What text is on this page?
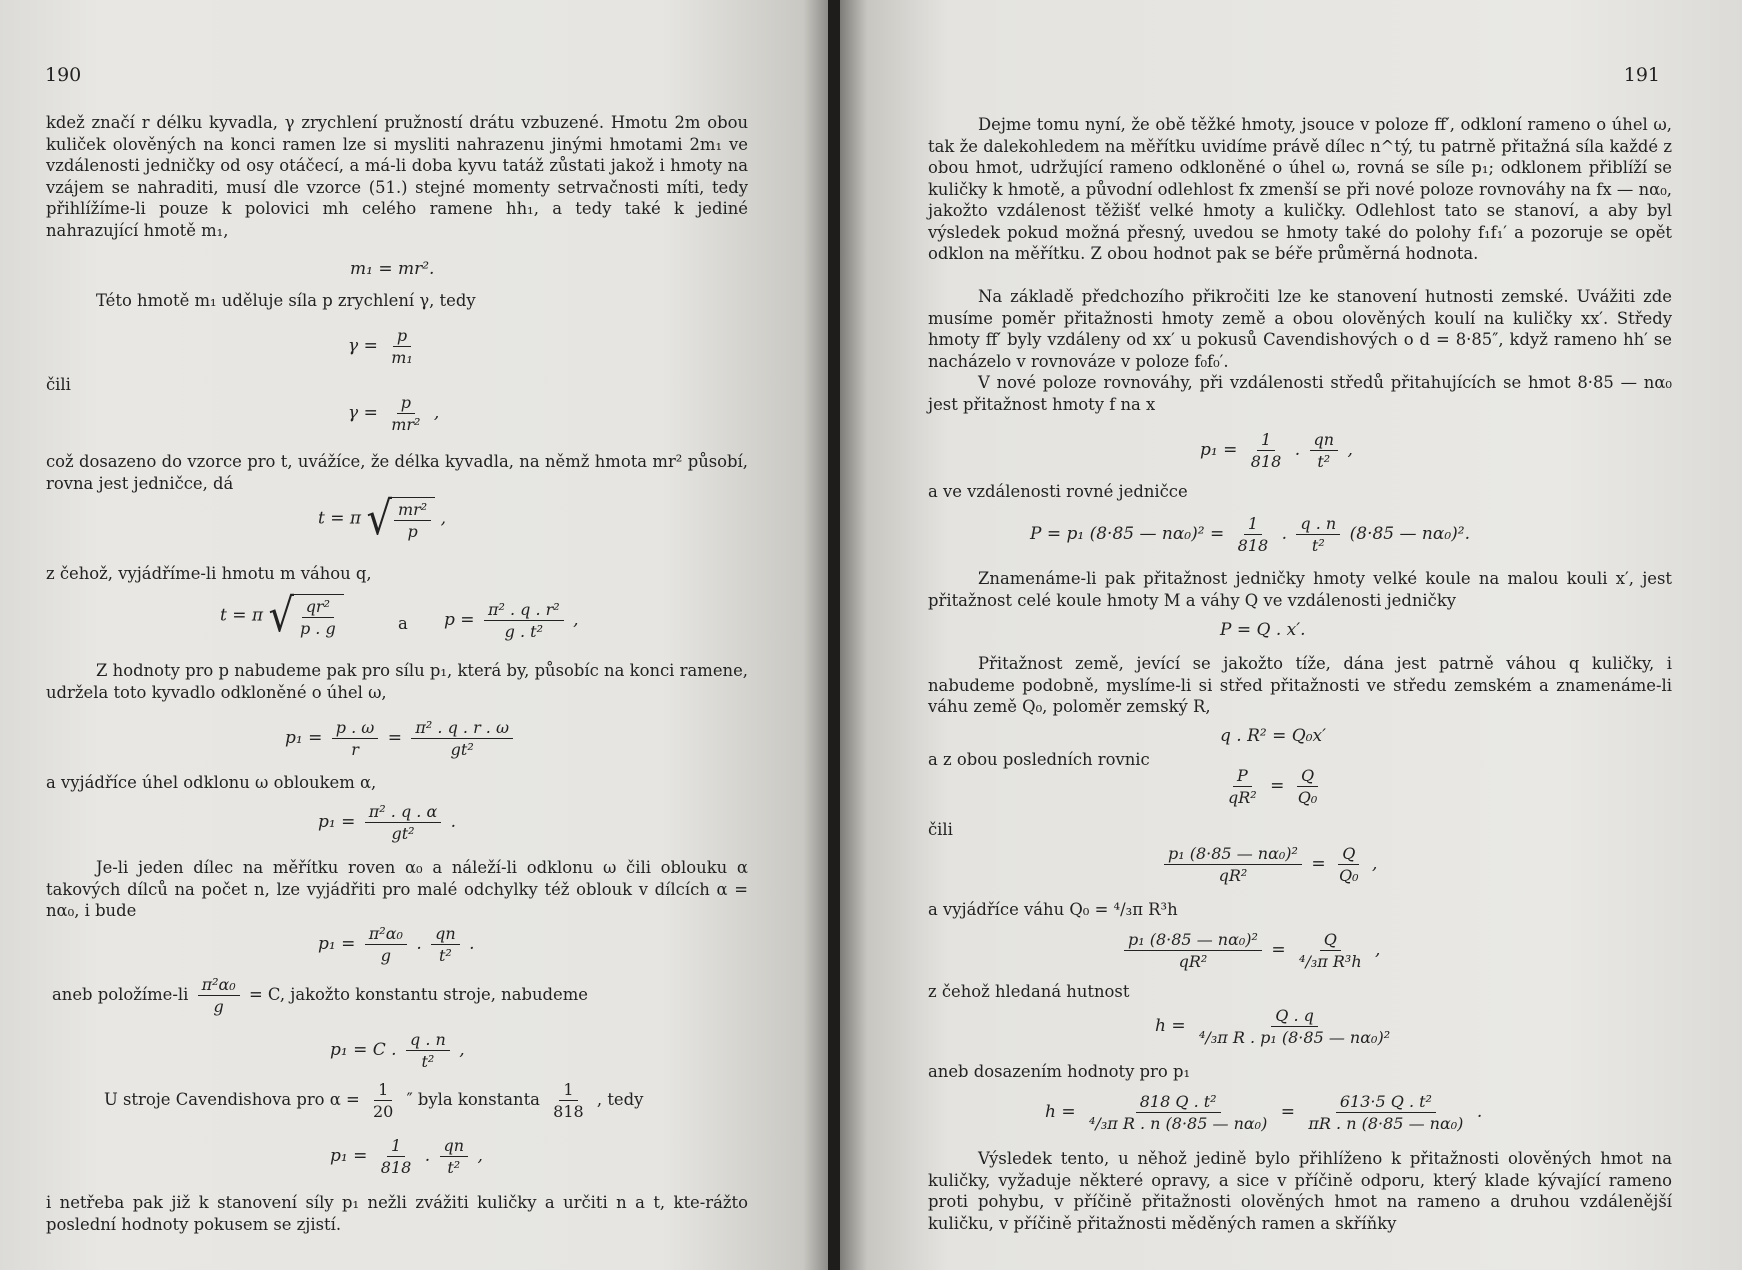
190
kdež značí r délku kyvadla, γ zrychlení pružností drátu vzbuzené. Hmotu 2m obou kuliček olověných na konci ramen lze si mysliti nahrazenu jinými hmotami 2m₁ ve vzdálenosti jedničky od osy otáčecí, a má-li doba kyvu tatáž zůstati jakož i hmoty na vzájem se nahraditi, musí dle vzorce (51.) stejné momenty setrvačnosti míti, tedy přihlížíme-li pouze k polovici mh celého ramene hh₁, a tedy také k jediné nahrazující hmotě m₁,
m₁ = mr².
Této hmotě m₁ uděluje síla p zrychlení γ, tedy
$\gamma = \frac{p}{\text{m₁}}$
čili
$\gamma = \frac{p}{\text{mr²}}$ ,
což dosazeno do vzorce pro t, uvážíce, že délka kyvadla, na němž hmota mr² působí, rovna jest jedničce, dá
t = π √ $\frac{\text{mr²}}{p}$ ,
z čehož, vyjádříme-li hmotu m váhou q,
t = π √ $\frac{\text{qr²}}{p . g}$	a $p = \frac{\text{π² . q . r²}}{\text{g . t²}}$ ,
Z hodnoty pro p nabudeme pak pro sílu p₁, která by, působíc na konci ramene, udržela toto kyvadlo odkloněné o úhel ω,
$p_1 = \frac{p . \omega}{r} = \frac{\text{π² . q . r . ω}}{\text{gt²}}$
a vyjádříce úhel odklonu ω obloukem α,
$p_1 = \frac{\text{π² . q . α}}{\text{gt²}}$ .
Je-li jeden dílec na měřítku roven α₀ a náleží-li odklonu ω čili oblouku α takových dílců na počet n, lze vyjádřiti pro malé odchylky též oblouk v dílcích α = nα₀, i bude
$p_1 = \frac{\text{π²α₀}}{g}$ . $\frac{qn}{\text{t²}}$ .
aneb položíme-li $\frac{\text{π²α₀}}{g} = C$, jakožto konstantu stroje, nabudeme
p₁ = C . $\frac{q . n}{\text{t²}}$ ,
U stroje Cavendishova pro $\alpha = \frac{1}{20}$ ″ byla konstanta $\frac{1}{818}$ , tedy
$p_1 = \frac{1}{818}$ . $\frac{qn}{\text{t²}}$ ,
i netřeba pak již k stanovení síly p₁ nežli zvážiti kuličky a určiti n a t, kte-rážto poslední hodnoty pokusem se zjistí.
191
Dejme tomu nyní, že obě těžké hmoty, jsouce v poloze ff′, odkloní rameno o úhel ω, tak že dalekohledem na měřítku uvidíme právě dílec n^tý, tu patrně přitažná síla každé z obou hmot, udržující rameno odkloněné o úhel ω, rovná se síle p₁; odklonem přiblíží se kuličky k hmotě, a původní odlehlost fx zmenší se při nové poloze rovnováhy na fx — nα₀, jakožto vzdálenost těžišť velké hmoty a kuličky. Odlehlost tato se stanoví, a aby byl výsledek pokud možná přesný, uvedou se hmoty také do polohy f₁f₁′ a pozoruje se opět odklon na měřítku. Z obou hodnot pak se béře průměrná hodnota.
Na základě předchozího přikročiti lze ke stanovení hutnosti zemské. Uvážiti zde musíme poměr přitažnosti hmoty země a obou olověných koulí na kuličky xx′. Středy hmoty ff′ byly vzdáleny od xx′ u pokusů Cavendishových o d = 8·85″, když rameno hh′ se nacházelo v rovnováze v poloze f₀f₀′.
V nové poloze rovnováhy, při vzdálenosti středů přitahujících se hmot 8·85 — nα₀ jest přitažnost hmoty f na x
$p_1 = \frac{1}{818}$ . $\frac{qn}{\text{t²}}$ ,
a ve vzdálenosti rovné jedničce
P = p₁ (8·85 — $n\alpha_0)^2 = \frac{1}{818}$ . $\frac{q . n}{\text{t²}} (8\cdot 85$ — nα₀)².
Znamenáme-li pak přitažnost jedničky hmoty velké koule na malou kouli x′, jest přitažnost celé koule hmoty M a váhy Q ve vzdálenosti jedničky
P = Q . x′.
Přitažnost země, jevící se jakožto tíže, dána jest patrně váhou q kuličky, i nabudeme podobně, myslíme-li si střed přitažnosti ve středu zemském a znamenáme-li váhu země Q₀, poloměr zemský R,
q . R² = Q₀x′
a z obou posledních rovnic
$\frac{P}{\text{qR²}} = \frac{Q}{\text{Q₀}}$
čili
$\frac{\text{p₁ (8·85 — nα₀)²}}{\text{qR²}} = \frac{Q}{\text{Q₀}}$ ,
a vyjádříce váhu Q₀ = ⁴/₃π R³h
$\frac{\text{p₁ (8·85 — nα₀)²}}{\text{qR²}} = \frac{Q}{\text{⁴/₃π R³h}}$ ,
z čehož hledaná hutnost
$h = \frac{Q . q}{\text{⁴/₃π R . p₁ (8·85 — nα₀)²}}$
aneb dosazením hodnoty pro p₁
$h = \frac{\text{818 Q . t²}}{\text{⁴/₃π R . n (8·85 — nα₀)}} = \frac{\text{613·5 Q . t²}}{\text{πR . n (8·85 — nα₀)}}$ .
Výsledek tento, u něhož jedině bylo přihlíženo k přitažnosti olověných hmot na kuličky, vyžaduje některé opravy, a sice v příčině odporu, který klade kývající rameno proti pohybu, v příčině přitažnosti olověných hmot na rameno a druhou vzdálenější kuličku, v příčině přitažnosti měděných ramen a skříňky
